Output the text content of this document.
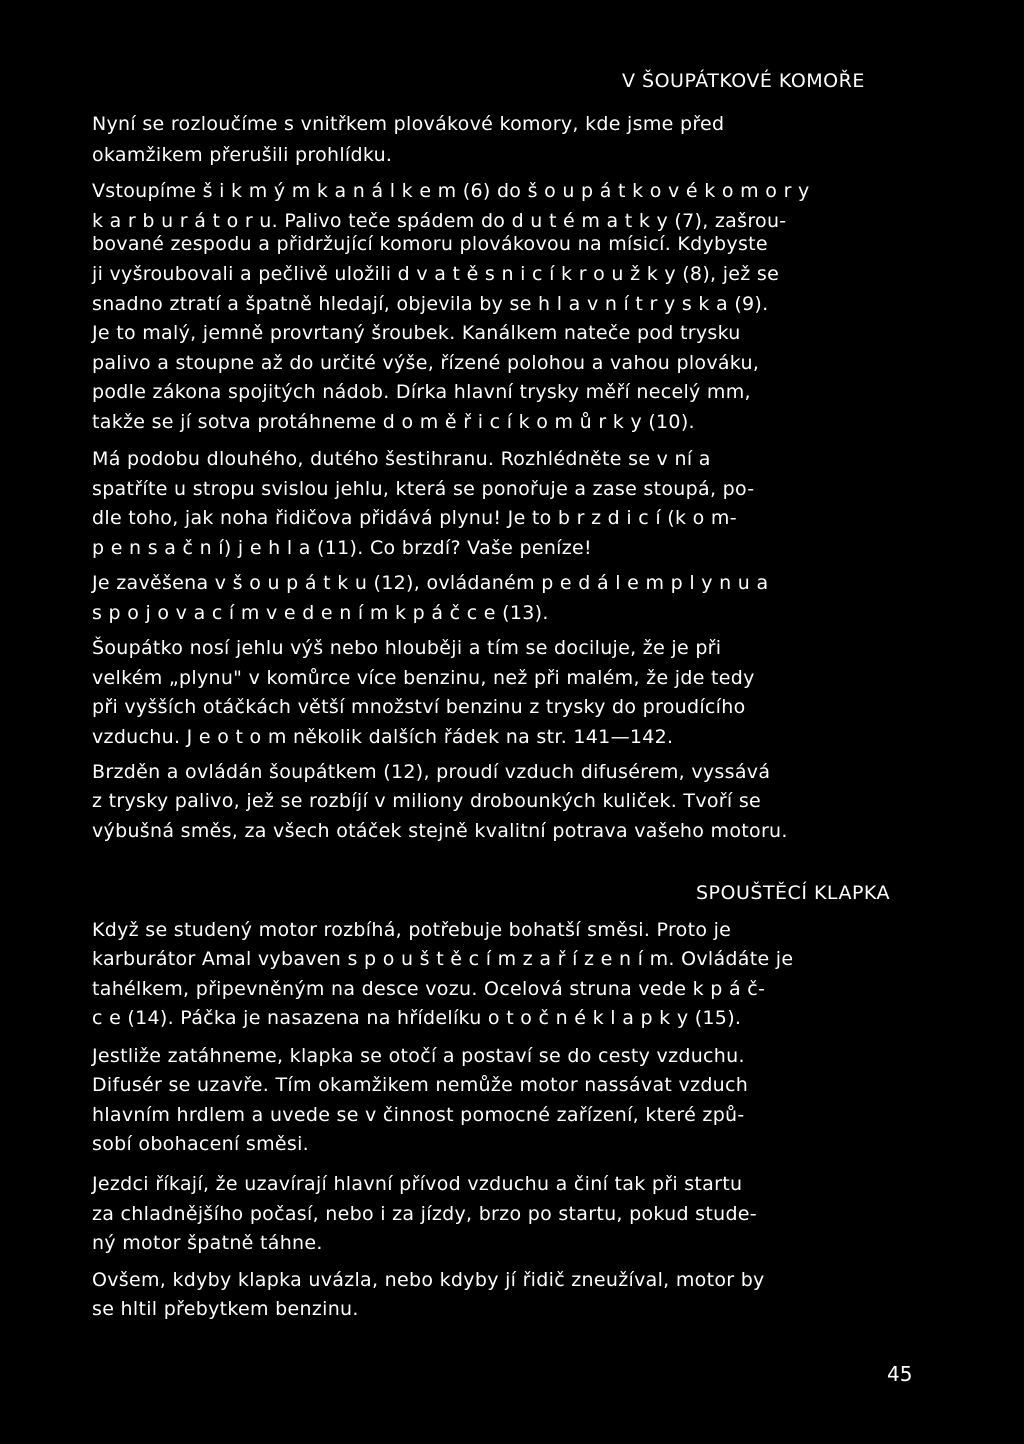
V ŠOUPÁTKOVÉ KOMOŘE
Nyní se rozloučíme s vnitřkem plovákové komory, kde jsme před
okamžikem přerušili prohlídku.
Vstoupíme š i k m ý m k a n á l k e m (6) do š o u p á t k o v é k o m o r y
k a r b u r á t o r u. Palivo teče spádem do d u t é m a t k y (7), zašrou-
bované zespodu a přidržující komoru plovákovou na mísicí. Kdybyste
ji vyšroubovali a pečlivě uložili d v a t ě s n i c í k r o u ž k y (8), jež se
snadno ztratí a špatně hledají, objevila by se h l a v n í t r y s k a (9).
Je to malý, jemně provrtaný šroubek. Kanálkem nateče pod trysku
palivo a stoupne až do určité výše, řízené polohou a vahou plováku,
podle zákona spojitých nádob. Dírka hlavní trysky měří necelý mm,
takže se jí sotva protáhneme d o m ě ř i c í k o m ů r k y (10).
Má podobu dlouhého, dutého šestihranu. Rozhlédněte se v ní a
spatříte u stropu svislou jehlu, která se ponořuje a zase stoupá, po-
dle toho, jak noha řidičova přidává plynu! Je to b r z d i c í (k o m-
p e n s a č n í) j e h l a (11). Co brzdí? Vaše peníze!
Je zavěšena v š o u p á t k u (12), ovládaném p e d á l e m p l y n u a
s p o j o v a c í m v e d e n í m k p á č c e (13).
Šoupátko nosí jehlu výš nebo hlouběji a tím se dociluje, že je při
velkém „plynu" v komůrce více benzinu, než při malém, že jde tedy
při vyšších otáčkách větší množství benzinu z trysky do proudícího
vzduchu. J e o t o m několik dalších řádek na str. 141—142.
Brzděn a ovládán šoupátkem (12), proudí vzduch difusérem, vyssává
z trysky palivo, jež se rozbíjí v miliony drobounkých kuliček. Tvoří se
výbušná směs, za všech otáček stejně kvalitní potrava vašeho motoru.
SPOUŠTĚCÍ KLAPKA
Když se studený motor rozbíhá, potřebuje bohatší směsi. Proto je
karburátor Amal vybaven s p o u š t ě c í m z a ř í z e n í m. Ovládáte je
tahélkem, připevněným na desce vozu. Ocelová struna vede k p á č-
c e (14). Páčka je nasazena na hřídelíku o t o č n é k l a p k y (15).
Jestliže zatáhneme, klapka se otočí a postaví se do cesty vzduchu.
Difusér se uzavře. Tím okamžikem nemůže motor nassávat vzduch
hlavním hrdlem a uvede se v činnost pomocné zařízení, které způ-
sobí obohacení směsi.
Jezdci říkají, že uzavírají hlavní přívod vzduchu a činí tak při startu
za chladnějšího počasí, nebo i za jízdy, brzo po startu, pokud stude-
ný motor špatně táhne.
Ovšem, kdyby klapka uvázla, nebo kdyby jí řidič zneužíval, motor by
se hltil přebytkem benzinu.
45
